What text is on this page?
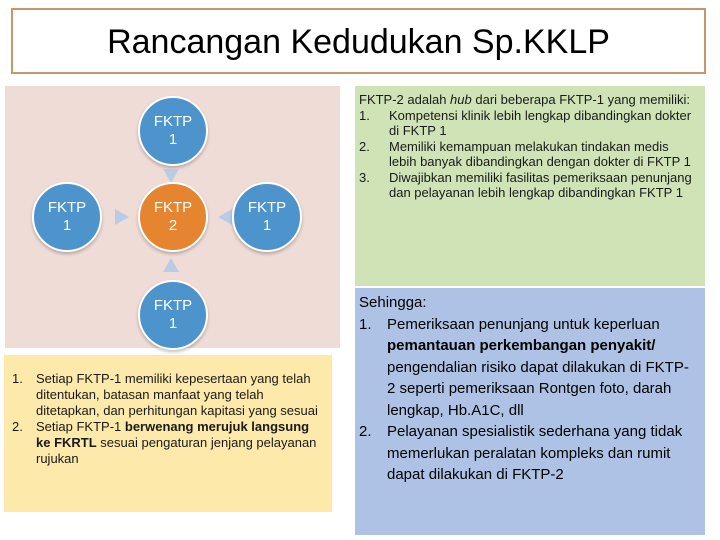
Rancangan Kedudukan Sp.KKLP
FKTP
1
FKTP
1
FKTP
2
FKTP
1
FKTP
1
1.	Setiap FKTP-1 memiliki kepesertaan yang telah ditentukan, batasan manfaat yang telah ditetapkan, dan perhitungan kapitasi yang sesuai
2.	Setiap FKTP-1 berwenang merujuk langsung ke FKRTL sesuai pengaturan jenjang pelayanan rujukan
FKTP-2 adalah hub dari beberapa FKTP-1 yang memiliki:
1.	Kompetensi klinik lebih lengkap dibandingkan dokter di FKTP 1
2.	Memiliki kemampuan melakukan tindakan medis lebih banyak dibandingkan dengan dokter di FKTP 1
3.	Diwajibkan memiliki fasilitas pemeriksaan penunjang dan pelayanan lebih lengkap dibandingkan FKTP 1
Sehingga:
1.	Pemeriksaan penunjang untuk keperluan pemantauan perkembangan penyakit/ pengendalian risiko dapat dilakukan di FKTP-2 seperti pemeriksaan Rontgen foto, darah lengkap, Hb.A1C, dll
2.	Pelayanan spesialistik sederhana yang tidak memerlukan peralatan kompleks dan rumit dapat dilakukan di FKTP-2
